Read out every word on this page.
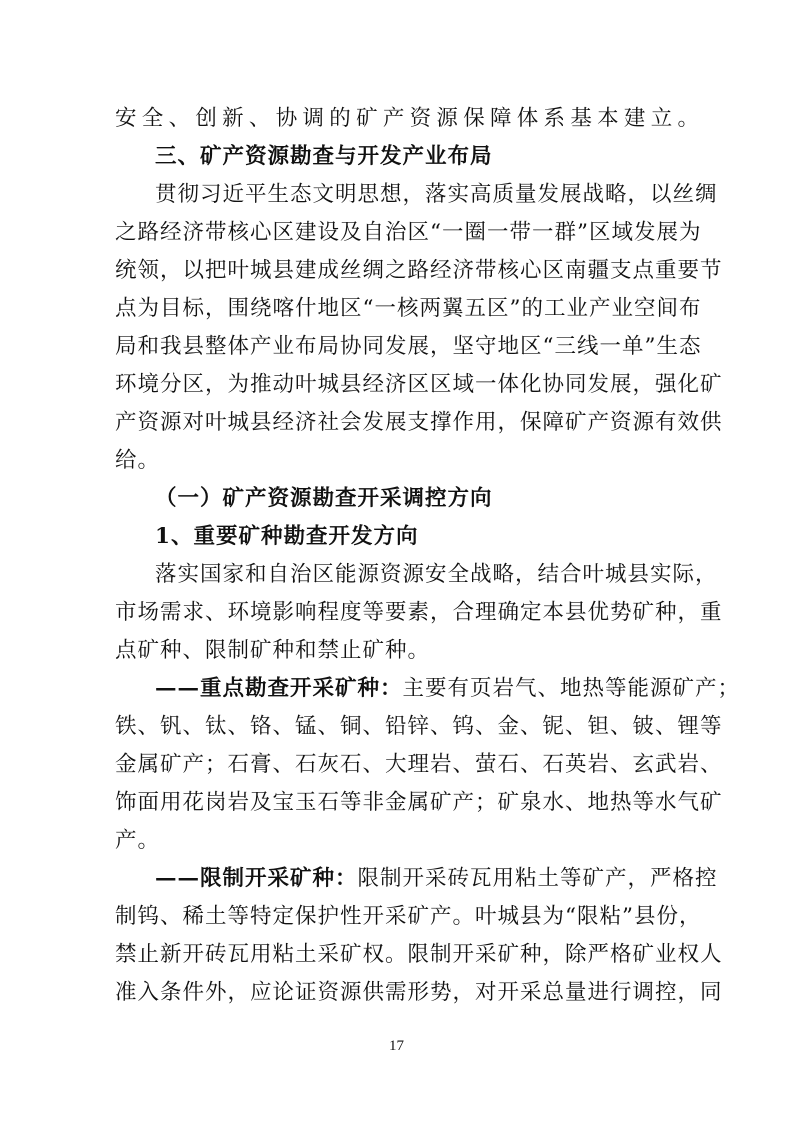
安全、创新、协调的矿产资源保障体系基本建立。
三、矿产资源勘查与开发产业布局
贯彻习近平生态文明思想，落实高质量发展战略，以丝绸
之路经济带核心区建设及自治区“一圈一带一群”区域发展为
统领，以把叶城县建成丝绸之路经济带核心区南疆支点重要节
点为目标，围绕喀什地区“一核两翼五区”的工业产业空间布
局和我县整体产业布局协同发展，坚守地区“三线一单”生态
环境分区，为推动叶城县经济区区域一体化协同发展，强化矿
产资源对叶城县经济社会发展支撑作用，保障矿产资源有效供
给。
（一）矿产资源勘查开采调控方向
1、重要矿种勘查开发方向
落实国家和自治区能源资源安全战略，结合叶城县实际，
市场需求、环境影响程度等要素，合理确定本县优势矿种，重
点矿种、限制矿种和禁止矿种。
——重点勘查开采矿种：主要有页岩气、地热等能源矿产；
铁、钒、钛、铬、锰、铜、铅锌、钨、金、铌、钽、铍、锂等
金属矿产；石膏、石灰石、大理岩、萤石、石英岩、玄武岩、
饰面用花岗岩及宝玉石等非金属矿产；矿泉水、地热等水气矿
产。
——限制开采矿种：限制开采砖瓦用粘土等矿产，严格控
制钨、稀土等特定保护性开采矿产。叶城县为“限粘”县份，
禁止新开砖瓦用粘土采矿权。限制开采矿种，除严格矿业权人
准入条件外，应论证资源供需形势，对开采总量进行调控，同
17
